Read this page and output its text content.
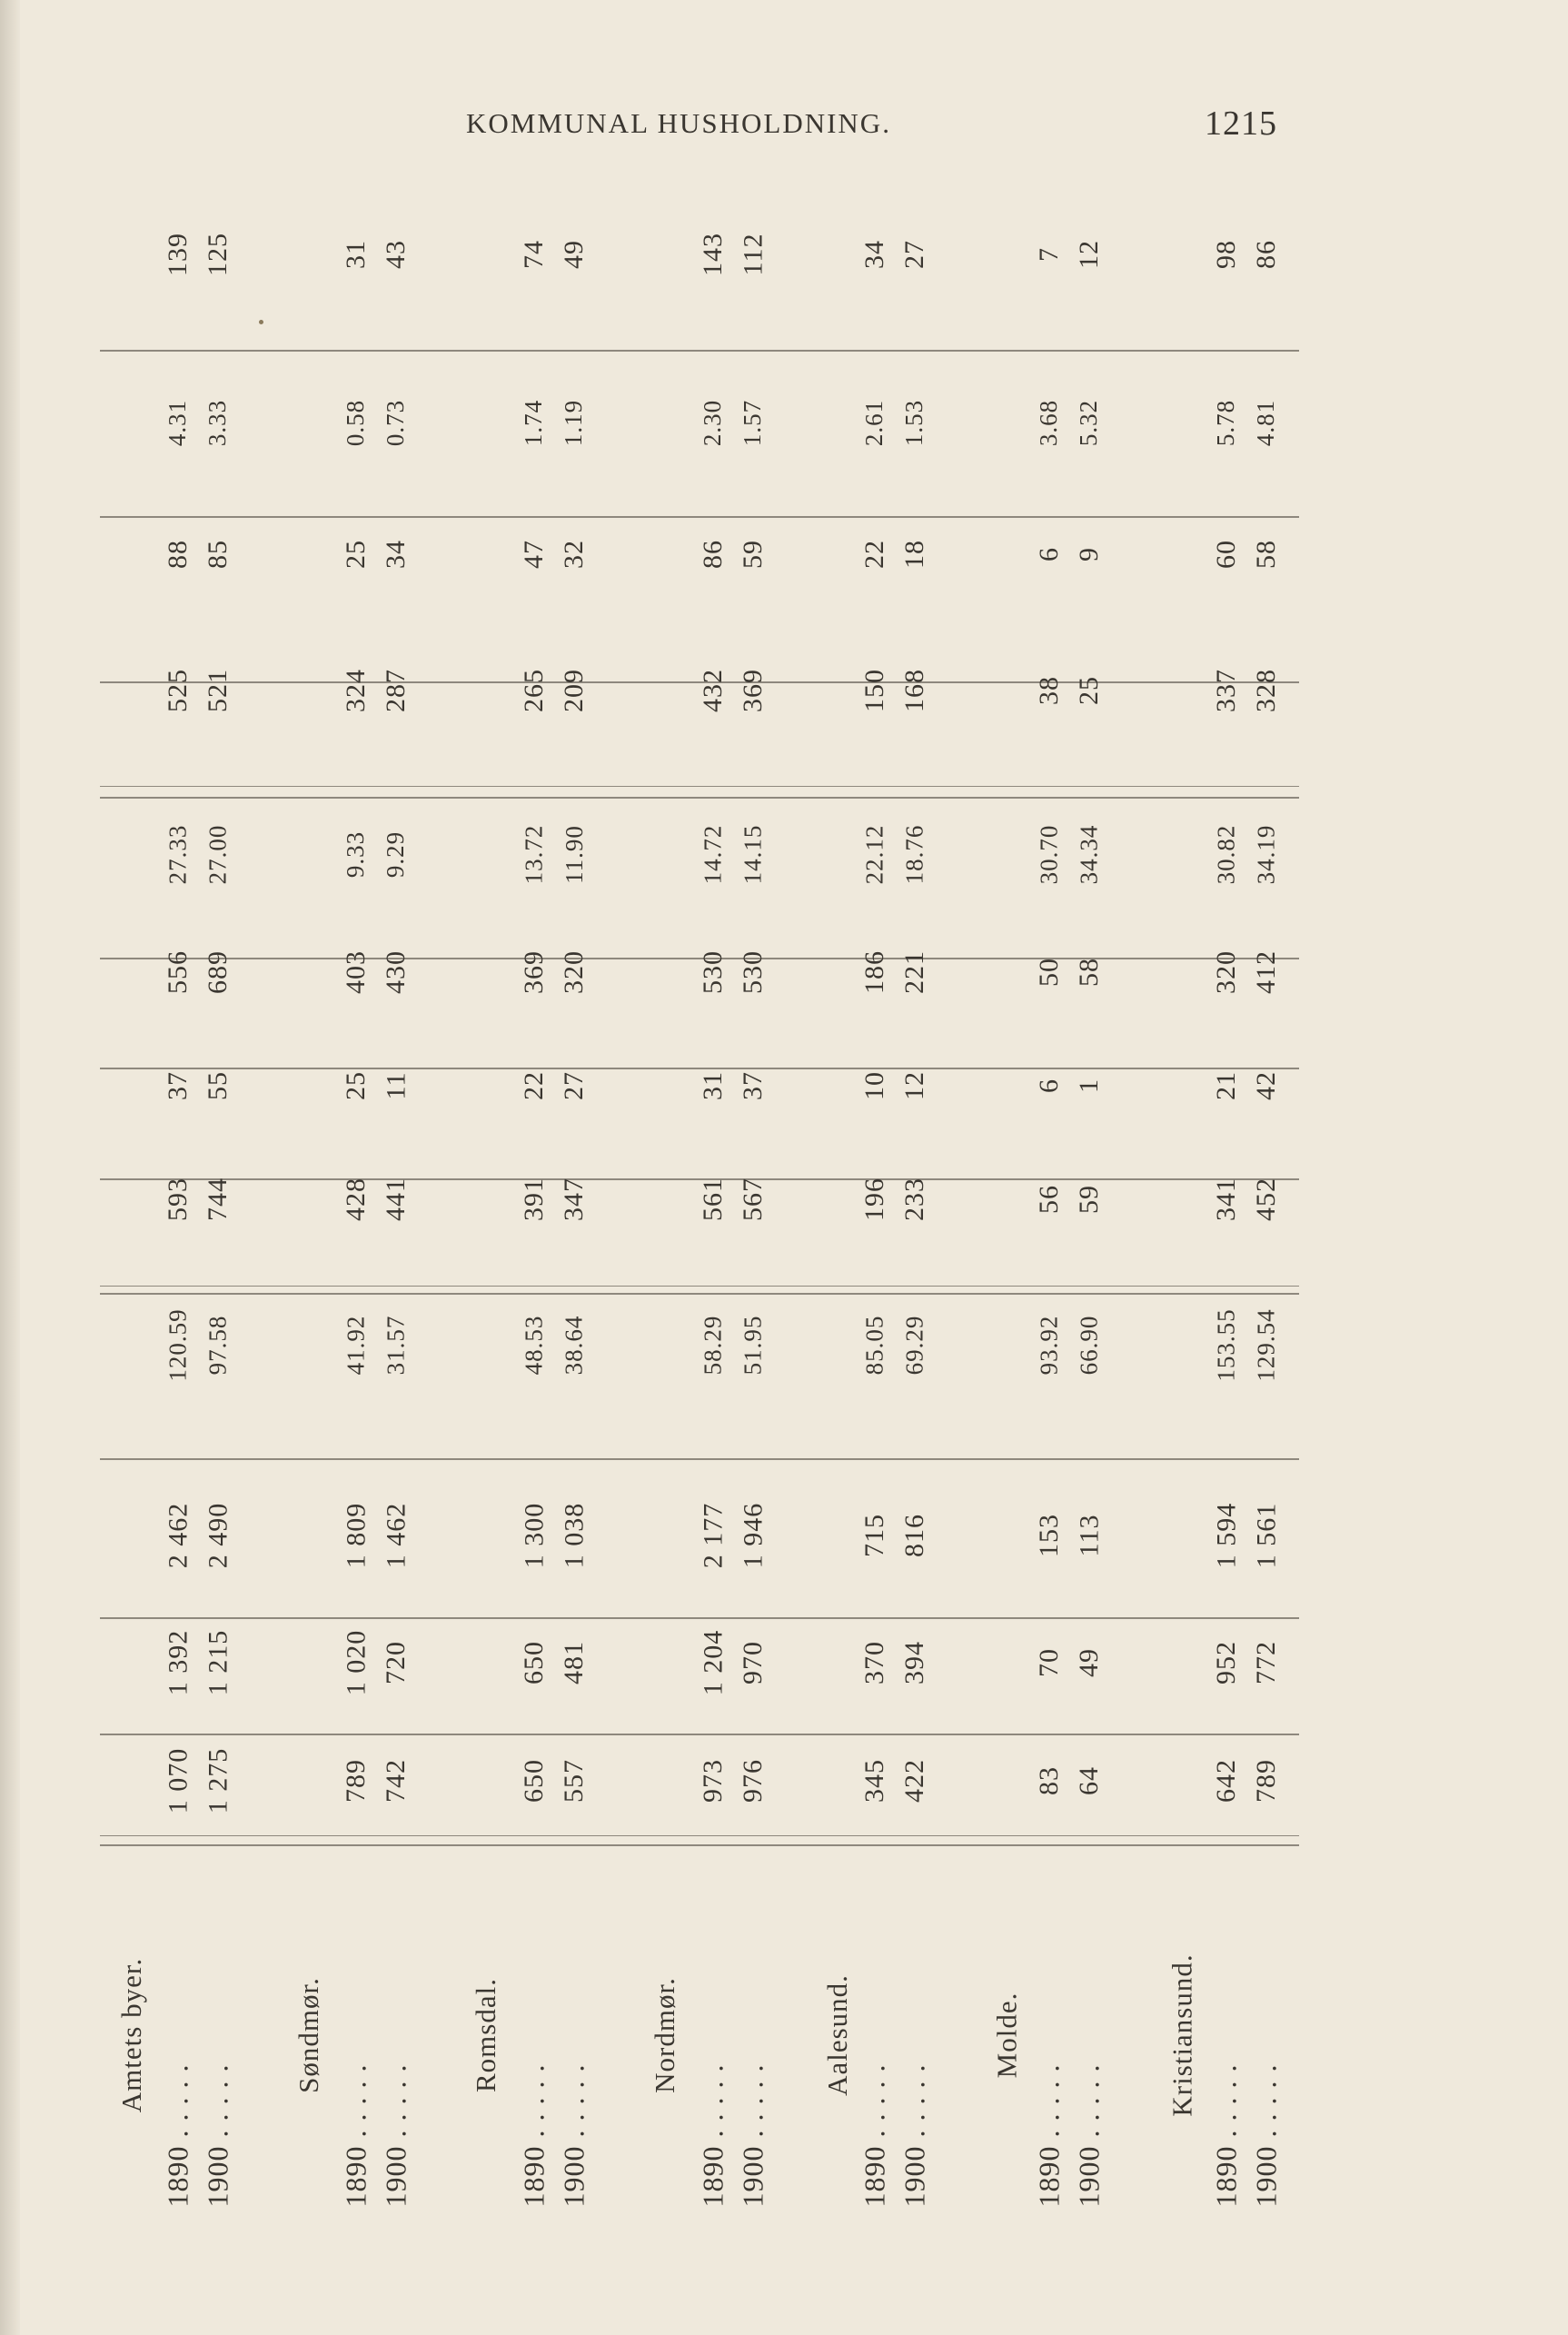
KOMMUNAL HUSHOLDNING.	1215
Amtets byer.
1890 . . . . .
1 070
1 392
2 462
120.59
593
37
556
27.33
525
88
4.31
139
1900 . . . . .
1 275
1 215
2 490
97.58
744
55
689
27.00
521
85
3.33
125
Søndmør.
1890 . . . . .
789
1 020
1 809
41.92
428
25
403
9.33
324
25
0.58
31
1900 . . . . .
742
720
1 462
31.57
441
11
430
9.29
287
34
0.73
43
Romsdal.
1890 . . . . .
650
650
1 300
48.53
391
22
369
13.72
265
47
1.74
74
1900 . . . . .
557
481
1 038
38.64
347
27
320
11.90
209
32
1.19
49
Nordmør.
1890 . . . . .
973
1 204
2 177
58.29
561
31
530
14.72
432
86
2.30
143
1900 . . . . .
976
970
1 946
51.95
567
37
530
14.15
369
59
1.57
112
Aalesund.
1890 . . . . .
345
370
715
85.05
196
10
186
22.12
150
22
2.61
34
1900 . . . . .
422
394
816
69.29
233
12
221
18.76
168
18
1.53
27
Molde.
1890 . . . . .
83
70
153
93.92
56
6
50
30.70
38
6
3.68
7
1900 . . . . .
64
49
113
66.90
59
1
58
34.34
25
9
5.32
12
Kristiansund.
1890 . . . . .
642
952
1 594
153.55
341
21
320
30.82
337
60
5.78
98
1900 . . . . .
789
772
1 561
129.54
452
42
412
34.19
328
58
4.81
86
